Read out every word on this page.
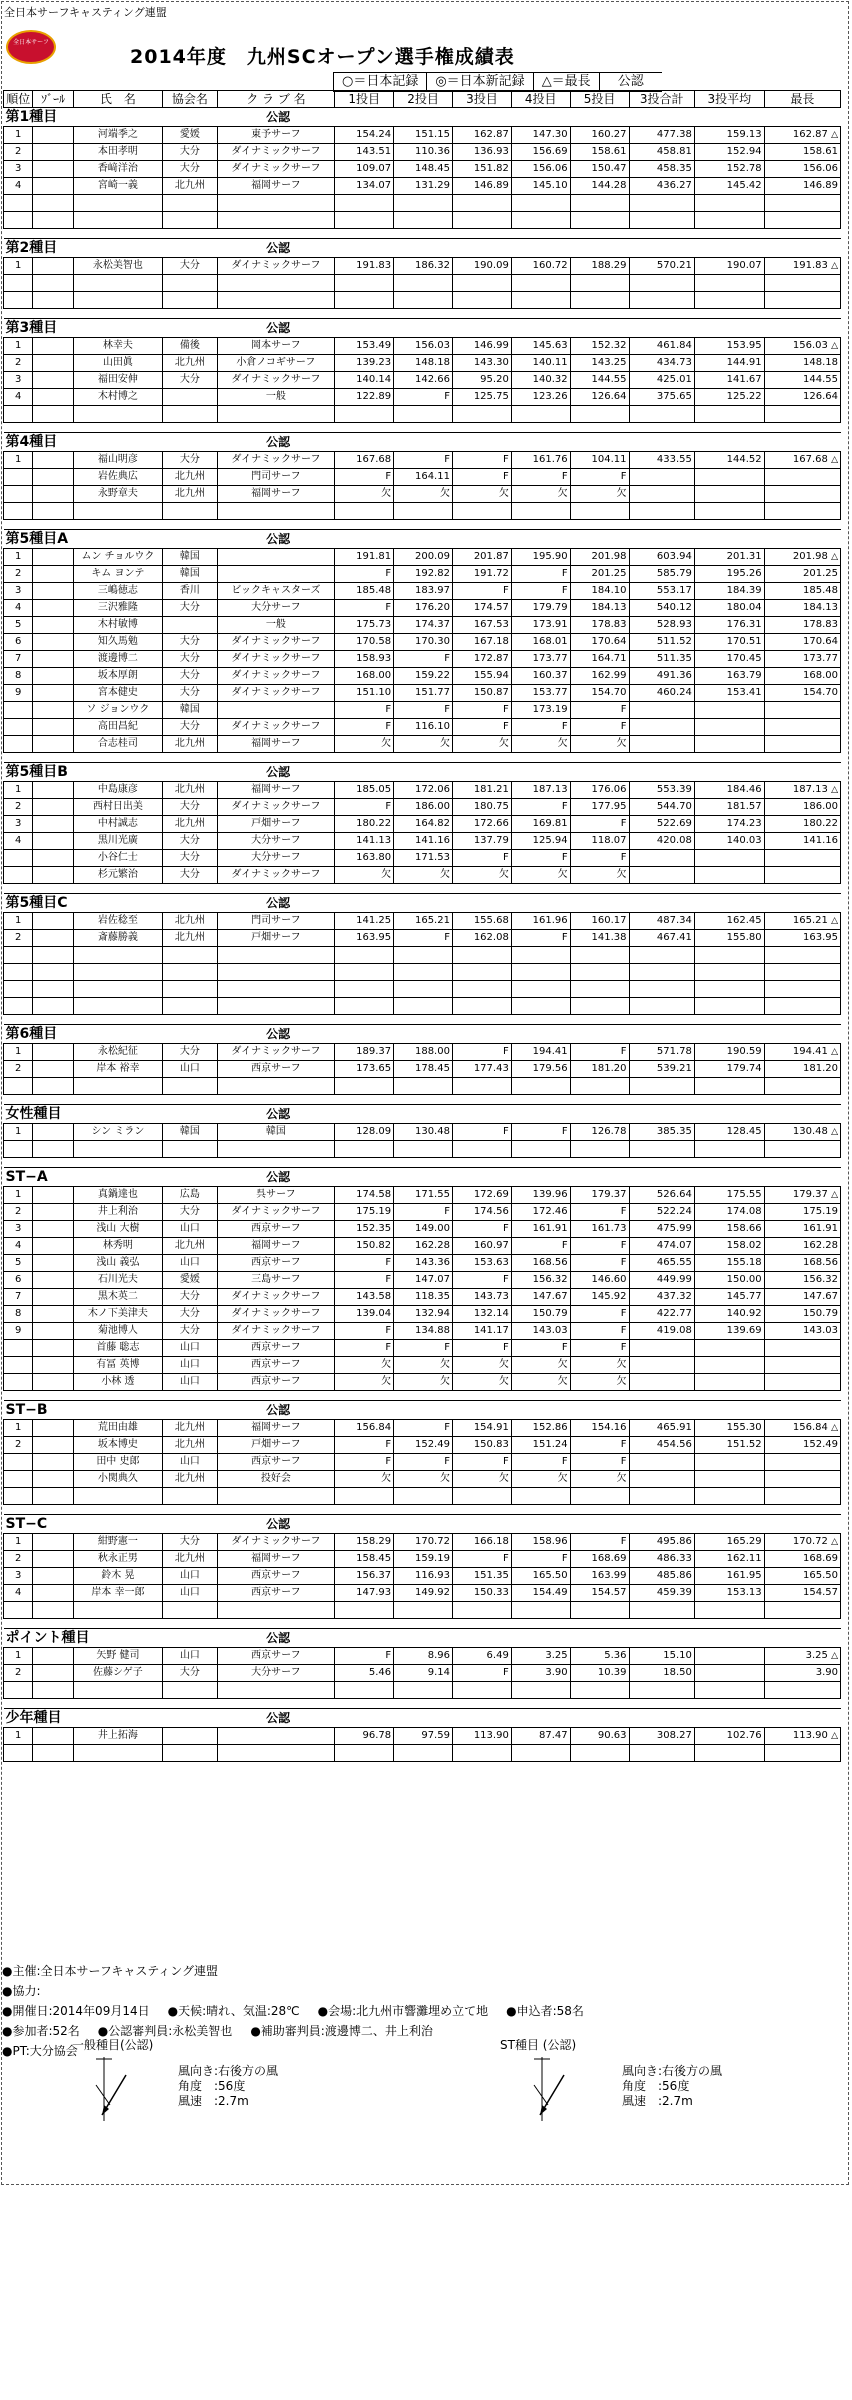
全日本サーフキャスティング連盟
全日本サーフ
2014年度　九州SCオープン選手権成績表
○＝日本記録	◎＝日本新記録	△＝最長	公認
順位	ｿﾞｰﾙ	氏　名	協会名	ク ラ ブ 名	1投目	2投目	3投目	4投目	5投目	3投合計	3投平均	最長
第1種目			公認									
1		河端季之	愛媛	東予サーフ	154.24	151.15	162.87	147.30	160.27	477.38	159.13	162.87 △
2		本田孝明	大分	ダイナミックサーフ	143.51	110.36	136.93	156.69	158.61	458.81	152.94	158.61
3		香﨑洋治	大分	ダイナミックサーフ	109.07	148.45	151.82	156.06	150.47	458.35	152.78	156.06
4		宮崎一義	北九州	福岡サーフ	134.07	131.29	146.89	145.10	144.28	436.27	145.42	146.89

第2種目			公認									
1		永松美智也	大分	ダイナミックサーフ	191.83	186.32	190.09	160.72	188.29	570.21	190.07	191.83 △

第3種目			公認									
1		林幸夫	備後	岡本サーフ	153.49	156.03	146.99	145.63	152.32	461.84	153.95	156.03 △
2		山田眞	北九州	小倉ノコギサーフ	139.23	148.18	143.30	140.11	143.25	434.73	144.91	148.18
3		福田安伸	大分	ダイナミックサーフ	140.14	142.66	95.20	140.32	144.55	425.01	141.67	144.55
4		木村博之		一般	122.89	F	125.75	123.26	126.64	375.65	125.22	126.64

第4種目			公認									
1		福山明彦	大分	ダイナミックサーフ	167.68	F	F	161.76	104.11	433.55	144.52	167.68 △
		岩佐典広	北九州	門司サーフ	F	164.11	F	F	F			
		永野章夫	北九州	福岡サーフ	欠	欠	欠	欠	欠			

第5種目A			公認									
1		ムン チョルウク	韓国		191.81	200.09	201.87	195.90	201.98	603.94	201.31	201.98 △
2		キム ヨンテ	韓国		F	192.82	191.72	F	201.25	585.79	195.26	201.25
3		三嶋徳志	香川	ビックキャスターズ	185.48	183.97	F	F	184.10	553.17	184.39	185.48
4		三沢雅隆	大分	大分サーフ	F	176.20	174.57	179.79	184.13	540.12	180.04	184.13
5		木村敏博		一般	175.73	174.37	167.53	173.91	178.83	528.93	176.31	178.83
6		知久馬勉	大分	ダイナミックサーフ	170.58	170.30	167.18	168.01	170.64	511.52	170.51	170.64
7		渡邊博二	大分	ダイナミックサーフ	158.93	F	172.87	173.77	164.71	511.35	170.45	173.77
8		坂本厚朗	大分	ダイナミックサーフ	168.00	159.22	155.94	160.37	162.99	491.36	163.79	168.00
9		宮本健史	大分	ダイナミックサーフ	151.10	151.77	150.87	153.77	154.70	460.24	153.41	154.70
		ソ ジョンウク	韓国		F	F	F	173.19	F			
		高田昌紀	大分	ダイナミックサーフ	F	116.10	F	F	F			
		合志桂司	北九州	福岡サーフ	欠	欠	欠	欠	欠			

第5種目B			公認									
1		中島康彦	北九州	福岡サーフ	185.05	172.06	181.21	187.13	176.06	553.39	184.46	187.13 △
2		西村日出美	大分	ダイナミックサーフ	F	186.00	180.75	F	177.95	544.70	181.57	186.00
3		中村誠志	北九州	戸畑サーフ	180.22	164.82	172.66	169.81	F	522.69	174.23	180.22
4		黒川光廣	大分	大分サーフ	141.13	141.16	137.79	125.94	118.07	420.08	140.03	141.16
		小谷仁士	大分	大分サーフ	163.80	171.53	F	F	F			
		杉元繁治	大分	ダイナミックサーフ	欠	欠	欠	欠	欠			

第5種目C			公認									
1		岩佐稔至	北九州	門司サーフ	141.25	165.21	155.68	161.96	160.17	487.34	162.45	165.21 △
2		斎藤勝義	北九州	戸畑サーフ	163.95	F	162.08	F	141.38	467.41	155.80	163.95

第6種目			公認									
1		永松紀征	大分	ダイナミックサーフ	189.37	188.00	F	194.41	F	571.78	190.59	194.41 △
2		岸本 裕幸	山口	西京サーフ	173.65	178.45	177.43	179.56	181.20	539.21	179.74	181.20

女性種目			公認									
1		シン ミラン	韓国	韓国	128.09	130.48	F	F	126.78	385.35	128.45	130.48 △

ST−A			公認									
1		真鍋達也	広島	呉サーフ	174.58	171.55	172.69	139.96	179.37	526.64	175.55	179.37 △
2		井上利治	大分	ダイナミックサーフ	175.19	F	174.56	172.46	F	522.24	174.08	175.19
3		浅山 大樹	山口	西京サーフ	152.35	149.00	F	161.91	161.73	475.99	158.66	161.91
4		林秀明	北九州	福岡サーフ	150.82	162.28	160.97	F	F	474.07	158.02	162.28
5		浅山 義弘	山口	西京サーフ	F	143.36	153.63	168.56	F	465.55	155.18	168.56
6		石川光夫	愛媛	三島サーフ	F	147.07	F	156.32	146.60	449.99	150.00	156.32
7		黒木英二	大分	ダイナミックサーフ	143.58	118.35	143.73	147.67	145.92	437.32	145.77	147.67
8		木ノ下美津夫	大分	ダイナミックサーフ	139.04	132.94	132.14	150.79	F	422.77	140.92	150.79
9		菊池博人	大分	ダイナミックサーフ	F	134.88	141.17	143.03	F	419.08	139.69	143.03
		首藤 聡志	山口	西京サーフ	F	F	F	F	F			
		有冨 英博	山口	西京サーフ	欠	欠	欠	欠	欠			
		小林 透	山口	西京サーフ	欠	欠	欠	欠	欠			

ST−B			公認									
1		荒田由雄	北九州	福岡サーフ	156.84	F	154.91	152.86	154.16	465.91	155.30	156.84 △
2		坂本博史	北九州	戸畑サーフ	F	152.49	150.83	151.24	F	454.56	151.52	152.49
		田中 史郎	山口	西京サーフ	F	F	F	F	F			
		小関典久	北九州	投好会	欠	欠	欠	欠	欠			

ST−C			公認									
1		紺野憲一	大分	ダイナミックサーフ	158.29	170.72	166.18	158.96	F	495.86	165.29	170.72 △
2		秋永正男	北九州	福岡サーフ	158.45	159.19	F	F	168.69	486.33	162.11	168.69
3		鈴木 晃	山口	西京サーフ	156.37	116.93	151.35	165.50	163.99	485.86	161.95	165.50
4		岸本 幸一郎	山口	西京サーフ	147.93	149.92	150.33	154.49	154.57	459.39	153.13	154.57

ポイント種目			公認									
1		矢野 健司	山口	西京サーフ	F	8.96	6.49	3.25	5.36	15.10		3.25 △
2		佐藤シゲ子	大分	大分サーフ	5.46	9.14	F	3.90	10.39	18.50		3.90

少年種目			公認									
1		井上拓海			96.78	97.59	113.90	87.47	90.63	308.27	102.76	113.90 △

●主催:全日本サーフキャスティング連盟
●協力:
●開催日:2014年09月14日 ●天候:晴れ、気温:28℃ ●会場:北九州市響灘埋め立て地 ●申込者:58名
●参加者:52名 ●公認審判員:永松美智也 ●補助審判員:渡邊博二、井上利治
●PT:大分協会
一般種目(公認)
風向き:右後方の風
角度　:56度
風速　:2.7m
ST種目 (公認)
風向き:右後方の風
角度　:56度
風速　:2.7m
